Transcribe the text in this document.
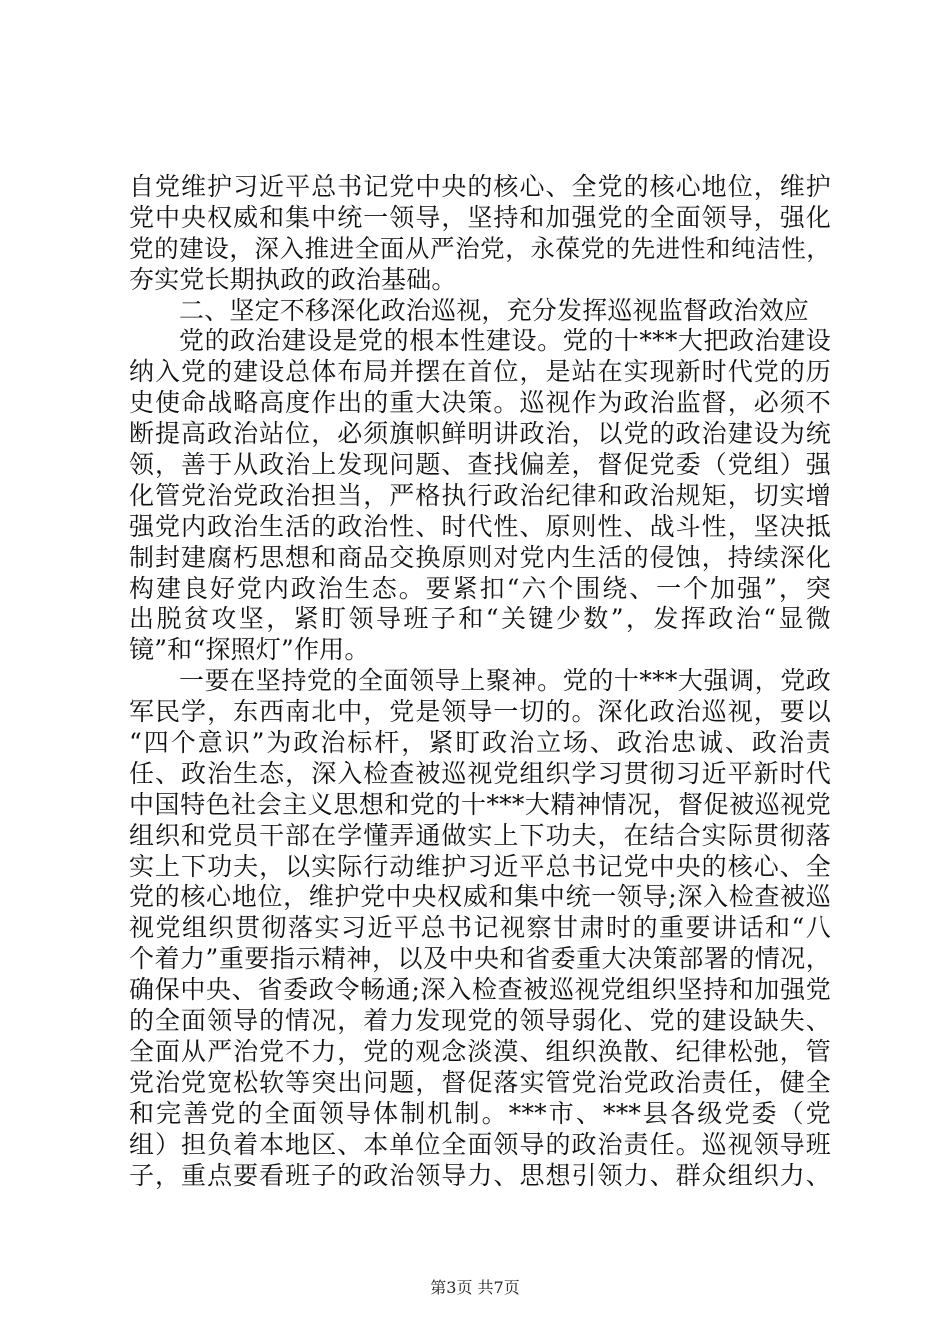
自党维护习近平总书记党中央的核心、全党的核心地位，维护
党中央权威和集中统一领导，坚持和加强党的全面领导，强化
党的建设，深入推进全面从严治党，永葆党的先进性和纯洁性，
夯实党长期执政的政治基础。
二、坚定不移深化政治巡视，充分发挥巡视监督政治效应
党的政治建设是党的根本性建设。党的十***大把政治建设
纳入党的建设总体布局并摆在首位，是站在实现新时代党的历
史使命战略高度作出的重大决策。巡视作为政治监督，必须不
断提高政治站位，必须旗帜鲜明讲政治，以党的政治建设为统
领，善于从政治上发现问题、查找偏差，督促党委（党组）强
化管党治党政治担当，严格执行政治纪律和政治规矩，切实增
强党内政治生活的政治性、时代性、原则性、战斗性，坚决抵
制封建腐朽思想和商品交换原则对党内生活的侵蚀，持续深化
构建良好党内政治生态。要紧扣“六个围绕、一个加强”，突
出脱贫攻坚，紧盯领导班子和“关键少数”，发挥政治“显微
镜”和“探照灯”作用。
一要在坚持党的全面领导上聚神。党的十***大强调，党政
军民学，东西南北中，党是领导一切的。深化政治巡视，要以
“四个意识”为政治标杆，紧盯政治立场、政治忠诚、政治责
任、政治生态，深入检查被巡视党组织学习贯彻习近平新时代
中国特色社会主义思想和党的十***大精神情况，督促被巡视党
组织和党员干部在学懂弄通做实上下功夫，在结合实际贯彻落
实上下功夫，以实际行动维护习近平总书记党中央的核心、全
党的核心地位，维护党中央权威和集中统一领导;深入检查被巡
视党组织贯彻落实习近平总书记视察甘肃时的重要讲话和“八
个着力”重要指示精神，以及中央和省委重大决策部署的情况，
确保中央、省委政令畅通;深入检查被巡视党组织坚持和加强党
的全面领导的情况，着力发现党的领导弱化、党的建设缺失、
全面从严治党不力，党的观念淡漠、组织涣散、纪律松弛，管
党治党宽松软等突出问题，督促落实管党治党政治责任，健全
和完善党的全面领导体制机制。***市、***县各级党委（党
组）担负着本地区、本单位全面领导的政治责任。巡视领导班
子，重点要看班子的政治领导力、思想引领力、群众组织力、
第3页 共7页
